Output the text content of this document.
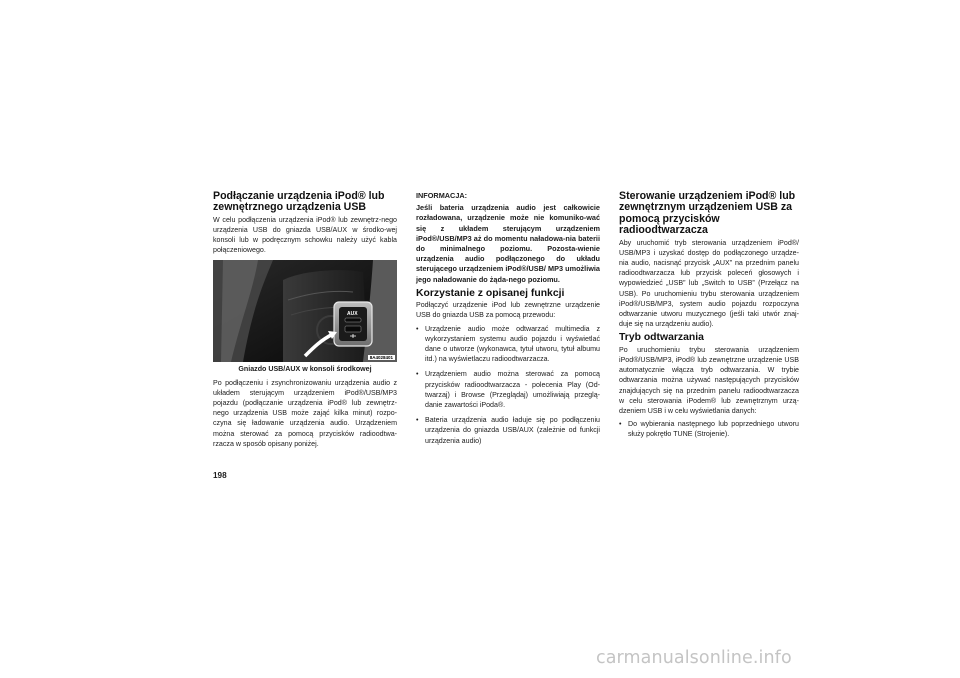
Podłączanie urządzenia iPod® lub zewnętrznego urządzenia USB

W celu podłączenia urządzenia iPod® lub zewnętrz-nego urządzenia USB do gniazda USB/AUX w środko-wej konsoli lub w podręcznym schowku należy użyć kabla połączeniowego.

AUX
8A4028401
Gniazdo USB/AUX w konsoli środkowej

Po podłączeniu i zsynchronizowaniu urządzenia audio z układem sterującym urządzeniem iPod®/USB/MP3 pojazdu (podłączanie urządzenia iPod® lub zewnętrz-nego urządzenia USB może zająć kilka minut) rozpo-czyna się ładowanie urządzenia audio. Urządzeniem można sterować za pomocą przycisków radioodtwa-rzacza w sposób opisany poniżej.

INFORMACJA:
Jeśli bateria urządzenia audio jest całkowicie rozładowana, urządzenie może nie komuniko-wać się z układem sterującym urządzeniem iPod®/USB/MP3 aż do momentu naładowa-nia baterii do minimalnego poziomu. Pozosta-wienie urządzenia audio podłączonego do układu sterującego urządzeniem iPod®/USB/ MP3 umożliwia jego naładowanie do żąda-nego poziomu.
Korzystanie z opisanej funkcji

Podłączyć urządzenie iPod lub zewnętrzne urządzenie USB do gniazda USB za pomocą przewodu:

• Urządzenie audio może odtwarzać multimedia z wykorzystaniem systemu audio pojazdu i wyświetlać dane o utworze (wykonawca, tytuł utworu, tytuł albumu itd.) na wyświetlaczu radioodtwarzacza.
• Urządzeniem audio można sterować za pomocą przycisków radioodtwarzacza - polecenia Play (Od-twarzaj) i Browse (Przeglądaj) umożliwiają przeglą-danie zawartości iPoda®.
• Bateria urządzenia audio ładuje się po podłączeniu urządzenia do gniazda USB/AUX (zależnie od funkcji urządzenia audio)
Sterowanie urządzeniem iPod® lub zewnętrznym urządzeniem USB za pomocą przycisków radioodtwarzacza

Aby uruchomić tryb sterowania urządzeniem iPod®/ USB/MP3 i uzyskać dostęp do podłączonego urządze-nia audio, nacisnąć przycisk „AUX” na przednim panelu radioodtwarzacza lub przycisk poleceń głosowych i wypowiedzieć „USB” lub „Switch to USB” (Przełącz na USB). Po uruchomieniu trybu sterowania urządzeniem iPod®/USB/MP3, system audio pojazdu rozpoczyna odtwarzanie utworu muzycznego (jeśli taki utwór znaj-duje się na urządzeniu audio).

Tryb odtwarzania

Po uruchomieniu trybu sterowania urządzeniem iPod®/USB/MP3, iPod® lub zewnętrzne urządzenie USB automatycznie włącza tryb odtwarzania. W trybie odtwarzania można używać następujących przycisków znajdujących się na przednim panelu radioodtwarzacza w celu sterowania iPodem® lub zewnętrznym urzą-dzeniem USB i w celu wyświetlania danych:

• Do wybierania następnego lub poprzedniego utworu służy pokrętło TUNE (Strojenie).
198
carmanualsonline.info
